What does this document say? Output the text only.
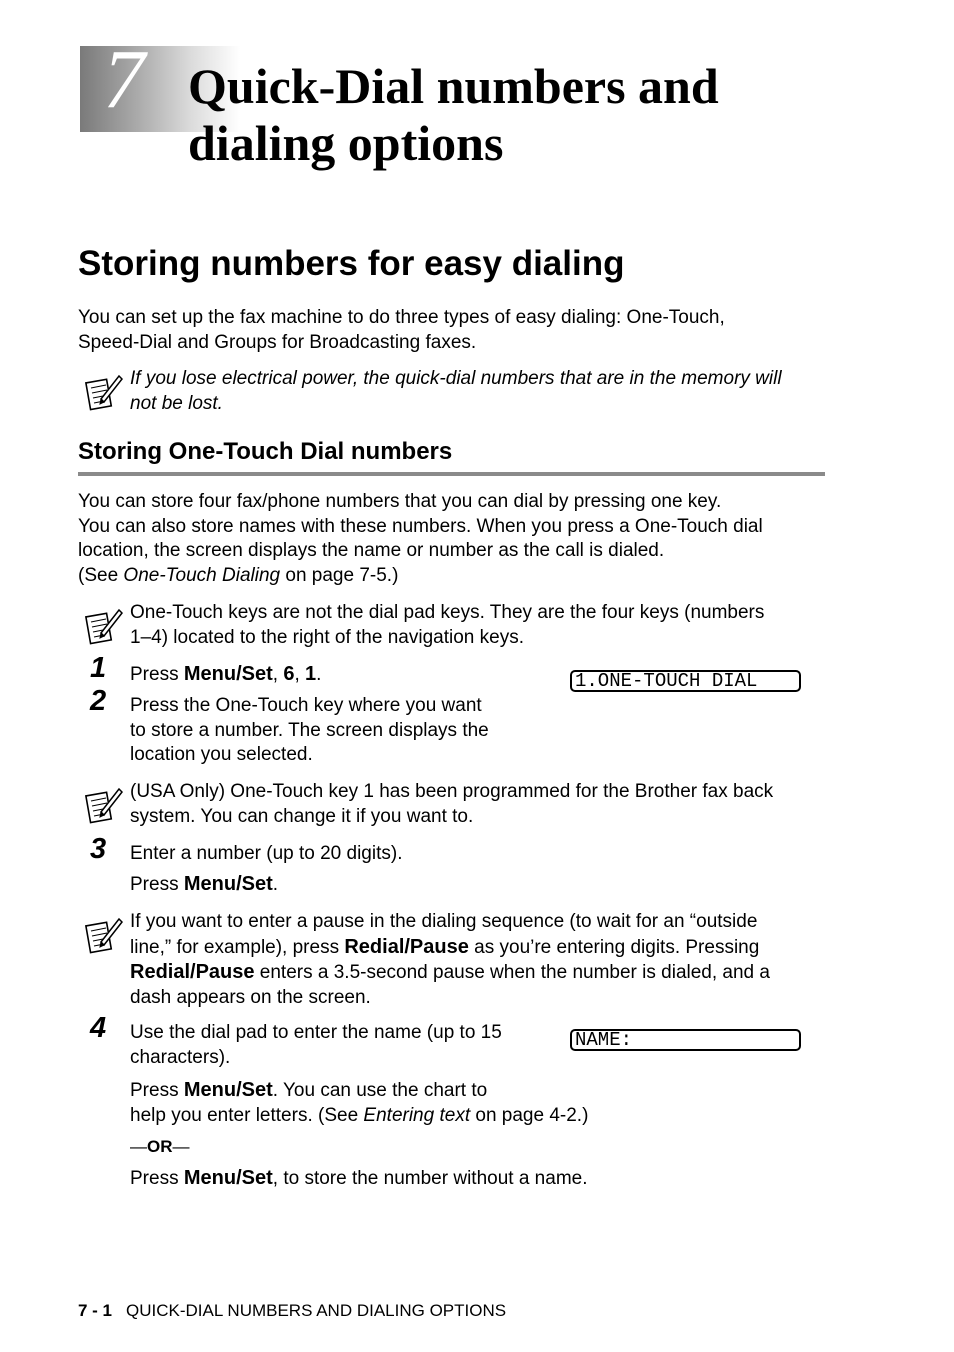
7 Quick-Dial numbers and
dialing options
Storing numbers for easy dialing
You can set up the fax machine to do three types of easy dialing: One-Touch,
Speed-Dial and Groups for Broadcasting faxes.
If you lose electrical power, the quick-dial numbers that are in the memory will
not be lost.
Storing One-Touch Dial numbers
You can store four fax/phone numbers that you can dial by pressing one key.
You can also store names with these numbers. When you press a One-Touch dial
location, the screen displays the name or number as the call is dialed.
(See One-Touch Dialing on page 7-5.)
One-Touch keys are not the dial pad keys. They are the four keys (numbers
1–4) located to the right of the navigation keys.
1 Press Menu/Set, 6, 1.	1.ONE-TOUCH DIAL
2 Press the One-Touch key where you want
to store a number. The screen displays the
location you selected.
(USA Only) One-Touch key 1 has been programmed for the Brother fax back
system. You can change it if you want to.
3 Enter a number (up to 20 digits).
Press Menu/Set.
If you want to enter a pause in the dialing sequence (to wait for an “outside
line,” for example), press Redial/Pause as you’re entering digits. Pressing
Redial/Pause enters a 3.5-second pause when the number is dialed, and a
dash appears on the screen.
4 Use the dial pad to enter the name (up to 15
characters).
NAME:
Press Menu/Set. You can use the chart to
help you enter letters. (See Entering text on page 4-2.)
—OR—
Press Menu/Set, to store the number without a name.
7 - 1 QUICK-DIAL NUMBERS AND DIALING OPTIONS
